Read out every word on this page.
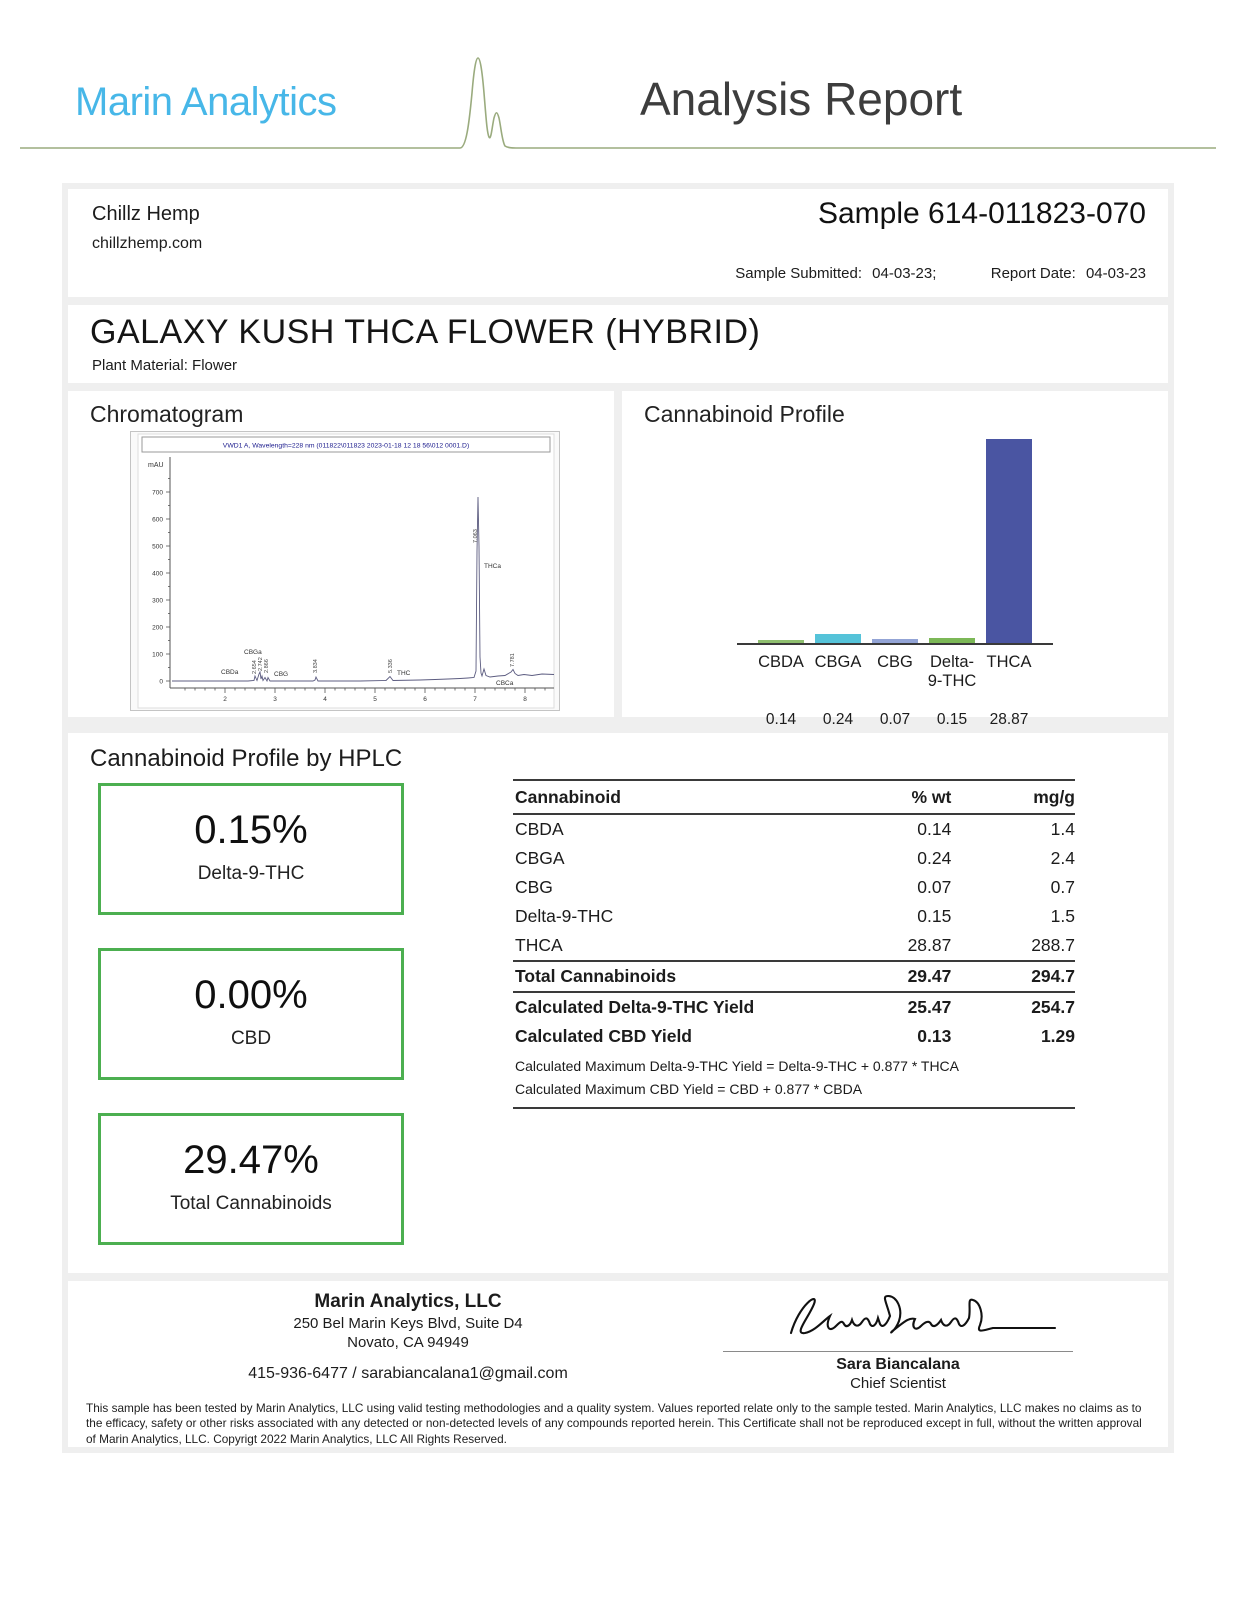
Marin Analytics	Analysis Report
Chillz Hemp
chillzhemp.com
Sample 614-011823-070
Sample Submitted: 04-03-23;	Report Date: 04-03-23
GALAXY KUSH THCA FLOWER (HYBRID)
Plant Material: Flower
Chromatogram
VWD1 A, Wavelength=228 nm (011822\011823 2023-01-18 12 18 56\012 0001.D)
mAU
700
600
500
400
300
200
100
0
2	3	4	5	6	7	8
CBDa
CBGa
CBG	THC
THCa
CBCa
2.654 2.742 2.866	3.834	5.336
7.063
7.781
Cannabinoid Profile
CBDA CBGA CBG	Delta-9-THC
THCA
0.14	0.24	0.07	0.15	28.87
Cannabinoid Profile by HPLC
0.15%
Delta-9-THC
0.00%
CBD
29.47%
Total Cannabinoids
Cannabinoid	% wt	mg/g
CBDA	0.14	1.4
CBGA	0.24	2.4
CBG	0.07	0.7
Delta-9-THC	0.15	1.5
THCA	28.87	288.7
Total Cannabinoids	29.47	294.7
Calculated Delta-9-THC Yield	25.47	254.7
Calculated CBD Yield	0.13	1.29
Calculated Maximum Delta-9-THC Yield = Delta-9-THC + 0.877 * THCA
Calculated Maximum CBD Yield = CBD + 0.877 * CBDA
Marin Analytics, LLC
250 Bel Marin Keys Blvd, Suite D4
Novato, CA 94949
415-936-6477 / sarabiancalana1@gmail.com
Sara Biancalana
Chief Scientist
This sample has been tested by Marin Analytics, LLC using valid testing methodologies and a quality system. Values reported relate only to the sample tested. Marin Analytics, LLC makes no claims as to the efficacy, safety or other risks associated with any detected or non-detected levels of any compounds reported herein. This Certificate shall not be reproduced except in full, without the written approval of Marin Analytics, LLC. Copyrigt 2022 Marin Analytics, LLC All Rights Reserved.
